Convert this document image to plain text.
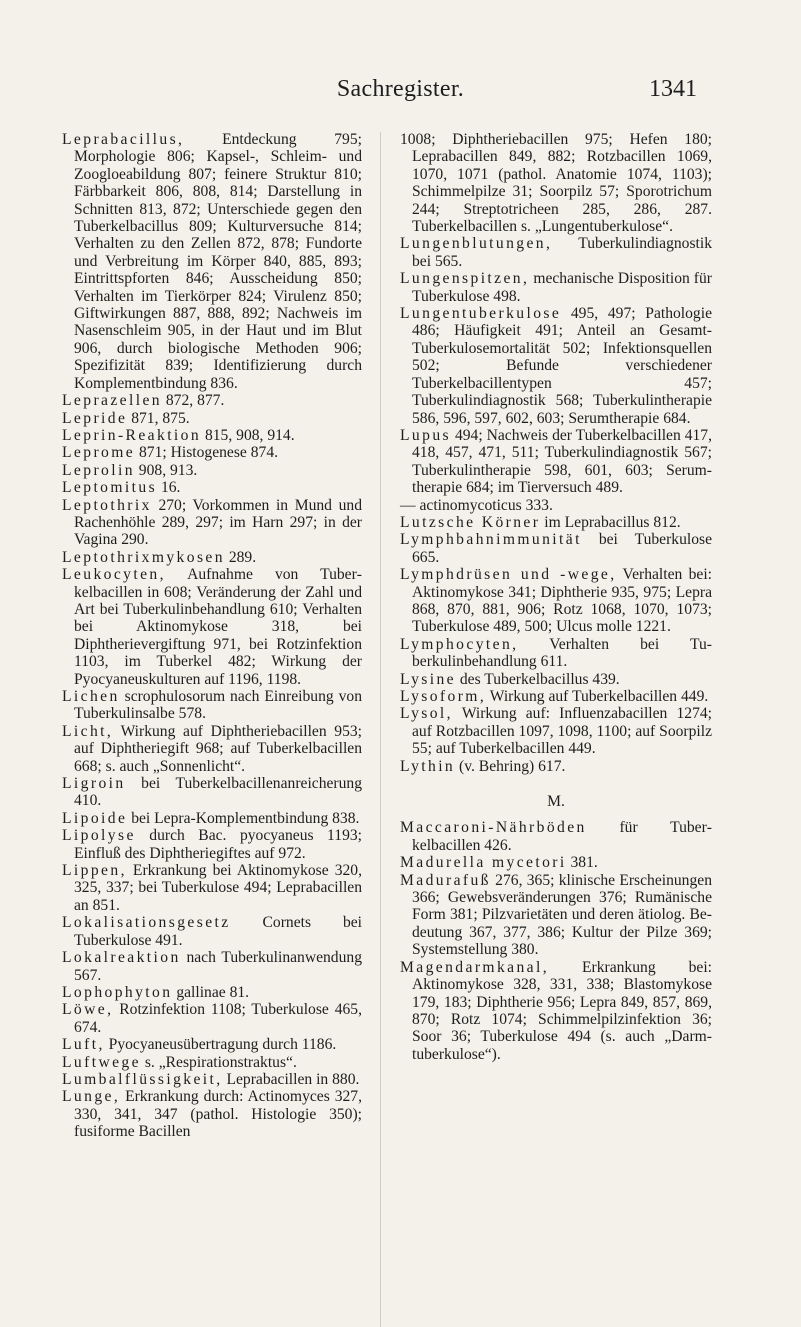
Sachregister.	1341

Leprabacillus, Entdeckung 795; Morphologie 806; Kapsel-, Schleim- und Zoogloeabildung 807; feinere Struktur 810; Färbbarkeit 806, 808, 814; Darstellung in Schnitten 813, 872; Unterschiede gegen den Tuberkelbacillus 809; Kulturversuche 814; Verhalten zu den Zellen 872, 878; Fundorte und Verbreitung im Körper 840, 885, 893; Eintrittspforten 846; Ausscheidung 850; Verhalten im Tierkörper 824; Virulenz 850; Giftwirkungen 887, 888, 892; Nachweis im Nasenschleim 905, in der Haut und im Blut 906, durch biologische Methoden 906; Spezifizität 839; Identifizierung durch Komplementbindung 836.

Leprazellen 872, 877.

Lepride 871, 875.

Leprin-Reaktion 815, 908, 914.

Leprome 871; Histogenese 874.

Leprolin 908, 913.

Leptomitus 16.

Leptothrix 270; Vorkommen in Mund und Rachenhöhle 289, 297; im Harn 297; in der Vagina 290.

Leptothrixmykosen 289.

Leukocyten, Aufnahme von Tuberkelbacillen in 608; Veränderung der Zahl und Art bei Tuberkulinbehandlung 610; Verhalten bei Aktinomykose 318, bei Diphtherievergiftung 971, bei Rotzinfektion 1103, im Tuberkel 482; Wirkung der Pyocyaneuskulturen auf 1196, 1198.

Lichen scrophulosorum nach Einreibung von Tuberkulinsalbe 578.

Licht, Wirkung auf Diphtheriebacillen 953; auf Diphtheriegift 968; auf Tuberkelbacillen 668; s. auch „Sonnenlicht“.

Ligroin bei Tuberkelbacillenanreicherung 410.

Lipoide bei Lepra-Komplementbindung 838.

Lipolyse durch Bac. pyocyaneus 1193; Einfluß des Diphtheriegiftes auf 972.

Lippen, Erkrankung bei Aktinomykose 320, 325, 337; bei Tuberkulose 494; Leprabacillen an 851.

Lokalisationsgesetz Cornets bei Tuberkulose 491.

Lokalreaktion nach Tuberkulinanwendung 567.

Lophophyton gallinae 81.

Löwe, Rotzinfektion 1108; Tuberkulose 465, 674.

Luft, Pyocyaneusübertragung durch 1186.

Luftwege s. „Respirationstraktus“.

Lumbalflüssigkeit, Leprabacillen in 880.

Lunge, Erkrankung durch: Actinomyces 327, 330, 341, 347 (pathol. Histologie 350); fusiforme Bacillen

1008; Diphtheriebacillen 975; Hefen 180; Leprabacillen 849, 882; Rotzbacillen 1069, 1070, 1071 (pathol. Anatomie 1074, 1103); Schimmelpilze 31; Soorpilz 57; Sporotrichum 244; Streptotricheen 285, 286, 287. Tuberkelbacillen s. „Lungentuberkulose“.

Lungenblutungen, Tuberkulindiagnostik bei 565.

Lungenspitzen, mechanische Disposition für Tuberkulose 498.

Lungentuberkulose 495, 497; Pathologie 486; Häufigkeit 491; Anteil an Gesamt-Tuberkulosemortalität 502; Infektionsquellen 502; Befunde verschiedener Tuberkelbacillentypen 457; Tuberkulindiagnostik 568; Tuberkulintherapie 586, 596, 597, 602, 603; Serumtherapie 684.

Lupus 494; Nachweis der Tuberkelbacillen 417, 418, 457, 471, 511; Tuberkulindiagnostik 567; Tuberkulintherapie 598, 601, 603; Serumtherapie 684; im Tierversuch 489.

— actinomycoticus 333.

Lutzsche Körner im Leprabacillus 812.

Lymphbahnimmunität bei Tuberkulose 665.

Lymphdrüsen und -wege, Verhalten bei: Aktinomykose 341; Diphtherie 935, 975; Lepra 868, 870, 881, 906; Rotz 1068, 1070, 1073; Tuberkulose 489, 500; Ulcus molle 1221.

Lymphocyten, Verhalten bei Tuberkulinbehandlung 611.

Lysine des Tuberkelbacillus 439.

Lysoform, Wirkung auf Tuberkelbacillen 449.

Lysol, Wirkung auf: Influenzabacillen 1274; auf Rotzbacillen 1097, 1098, 1100; auf Soorpilz 55; auf Tuberkelbacillen 449.

Lythin (v. Behring) 617.

M.

Maccaroni-Nährböden für Tuberkelbacillen 426.

Madurella mycetori 381.

Madurafuß 276, 365; klinische Erscheinungen 366; Gewebsveränderungen 376; Rumänische Form 381; Pilzvarietäten und deren ätiolog. Bedeutung 367, 377, 386; Kultur der Pilze 369; Systemstellung 380.

Magendarmkanal, Erkrankung bei: Aktinomykose 328, 331, 338; Blastomykose 179, 183; Diphtherie 956; Lepra 849, 857, 869, 870; Rotz 1074; Schimmelpilzinfektion 36; Soor 36; Tuberkulose 494 (s. auch „Darmtuberkulose“).
